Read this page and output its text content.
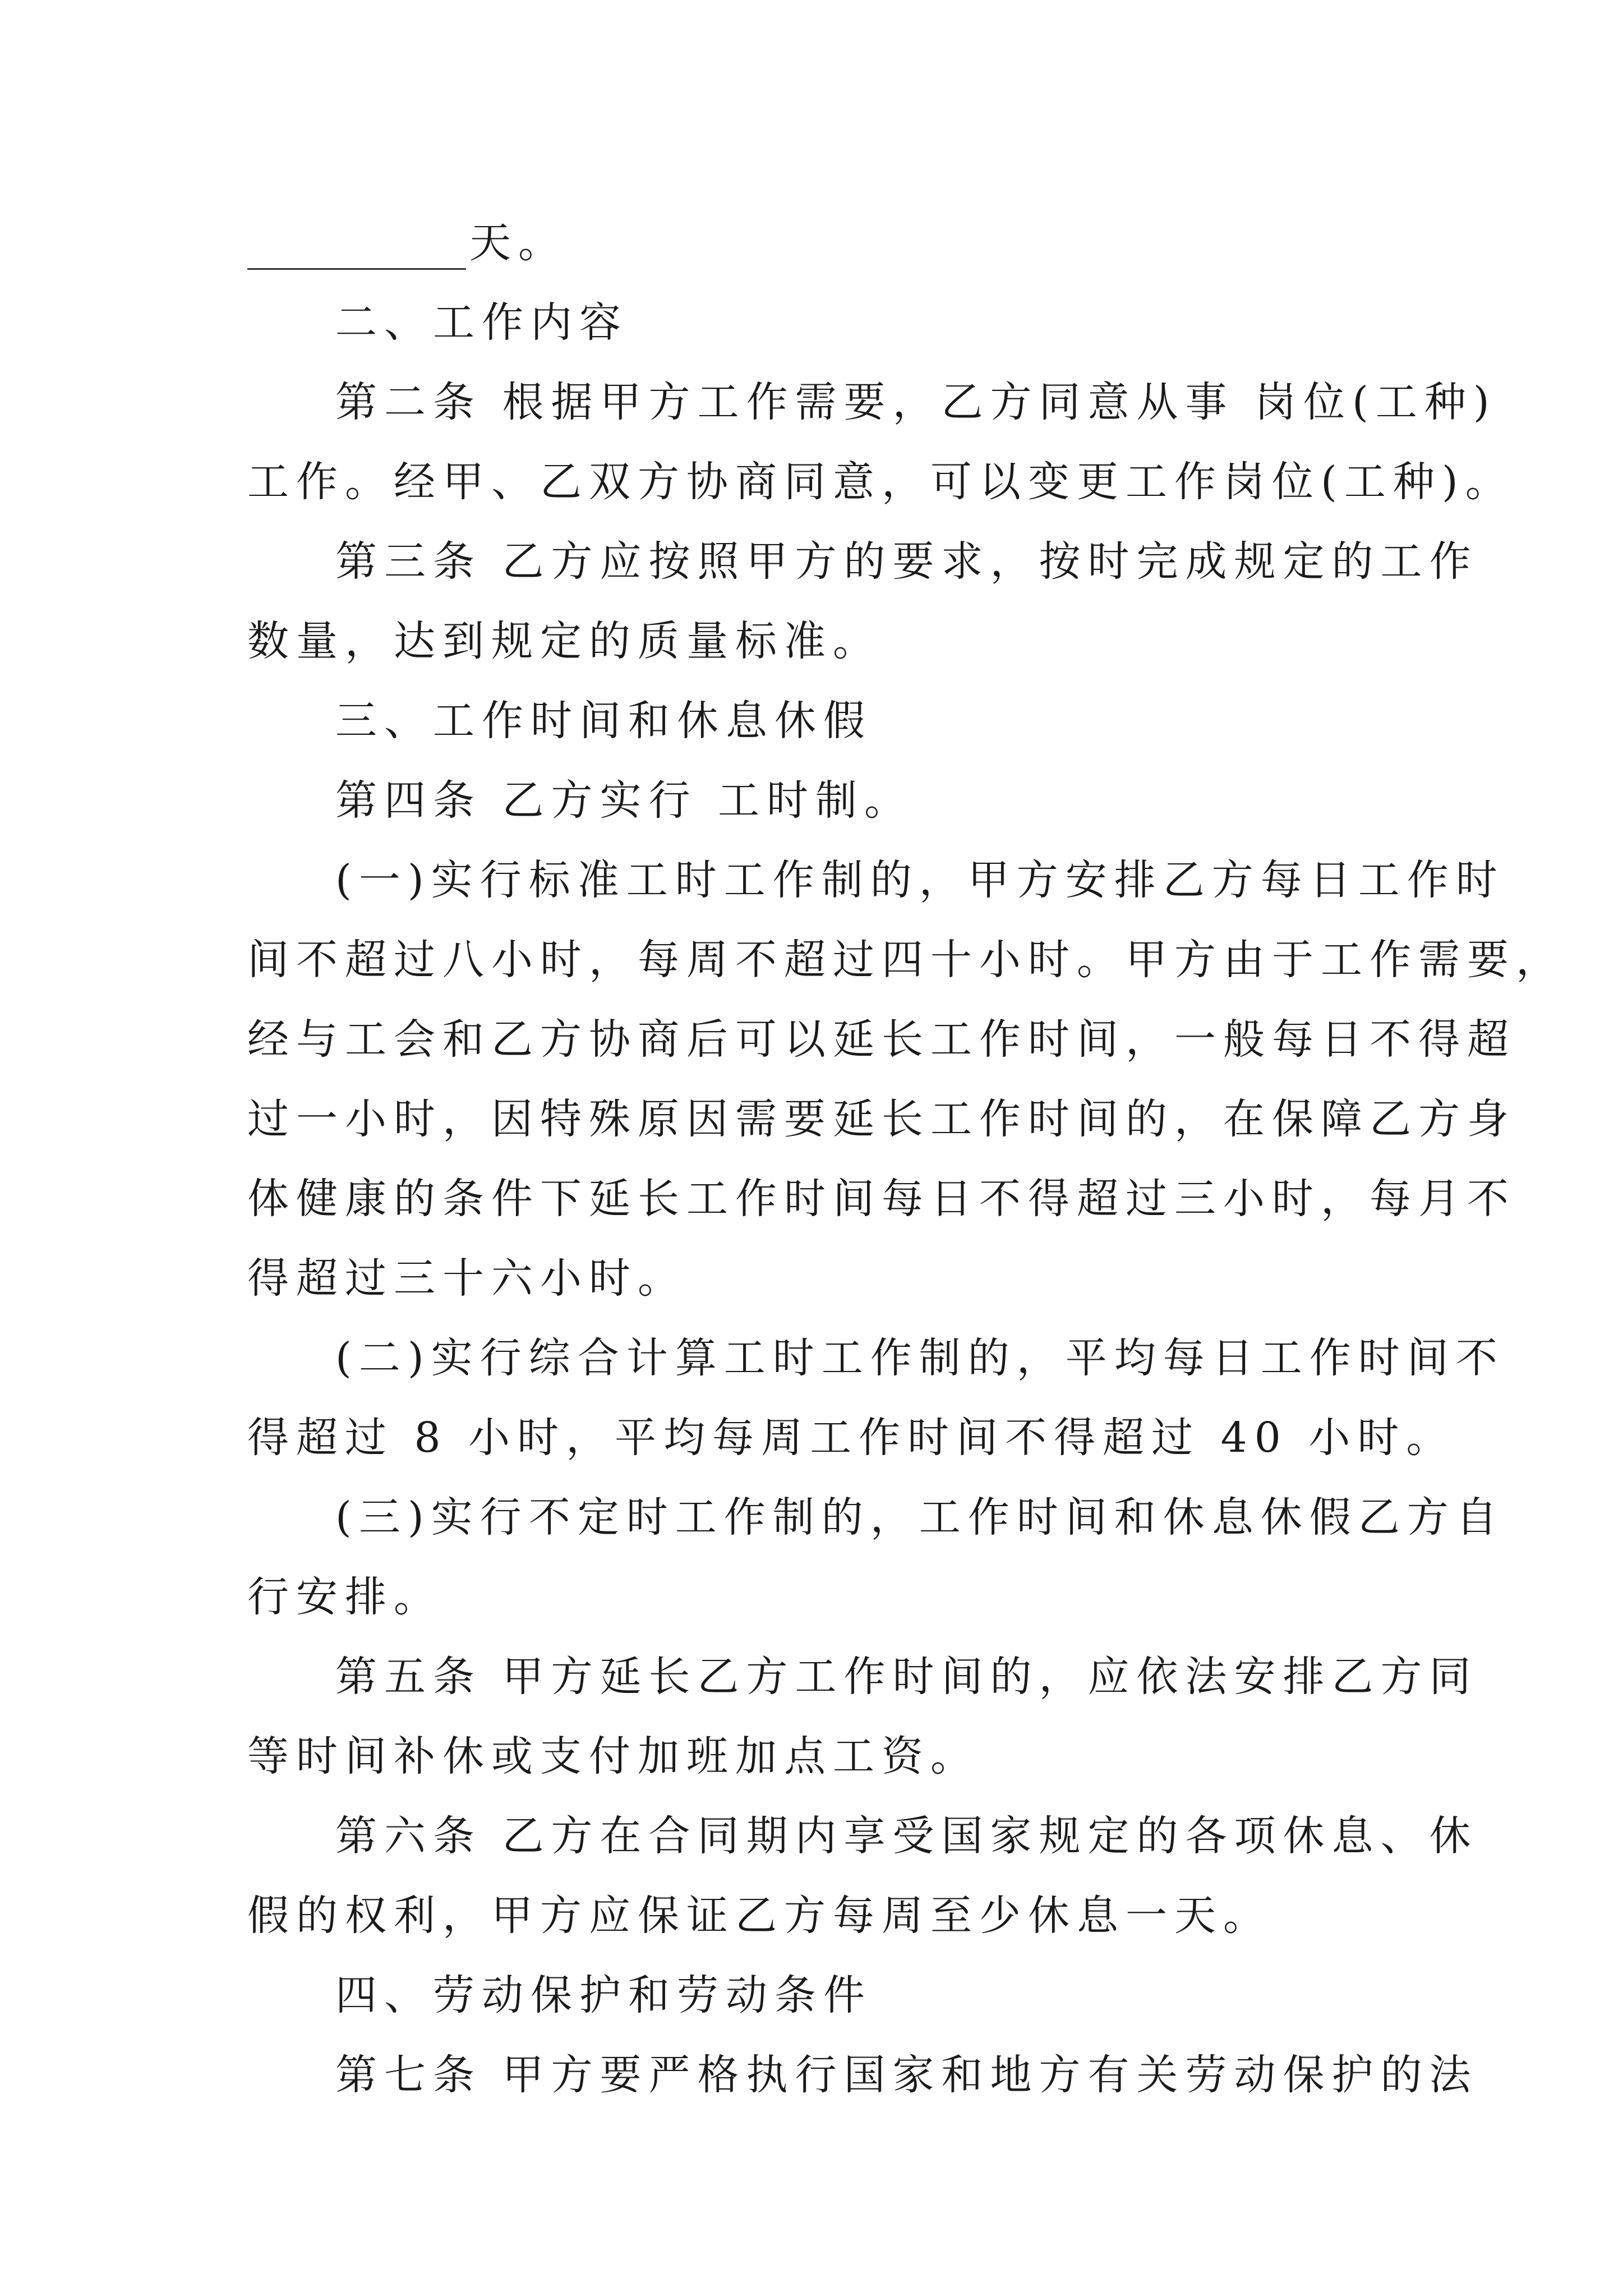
天。
二、工作内容
第二条 根据甲方工作需要，乙方同意从事 岗位(工种)
工作。经甲、乙双方协商同意，可以变更工作岗位(工种)。
第三条 乙方应按照甲方的要求，按时完成规定的工作
数量，达到规定的质量标准。
三、工作时间和休息休假
第四条 乙方实行 工时制。
(一)实行标准工时工作制的，甲方安排乙方每日工作时
间不超过八小时，每周不超过四十小时。甲方由于工作需要，
经与工会和乙方协商后可以延长工作时间，一般每日不得超
过一小时，因特殊原因需要延长工作时间的，在保障乙方身
体健康的条件下延长工作时间每日不得超过三小时，每月不
得超过三十六小时。
(二)实行综合计算工时工作制的，平均每日工作时间不
得超过 8 小时，平均每周工作时间不得超过 40 小时。
(三)实行不定时工作制的，工作时间和休息休假乙方自
行安排。
第五条 甲方延长乙方工作时间的，应依法安排乙方同
等时间补休或支付加班加点工资。
第六条 乙方在合同期内享受国家规定的各项休息、休
假的权利，甲方应保证乙方每周至少休息一天。
四、劳动保护和劳动条件
第七条 甲方要严格执行国家和地方有关劳动保护的法
